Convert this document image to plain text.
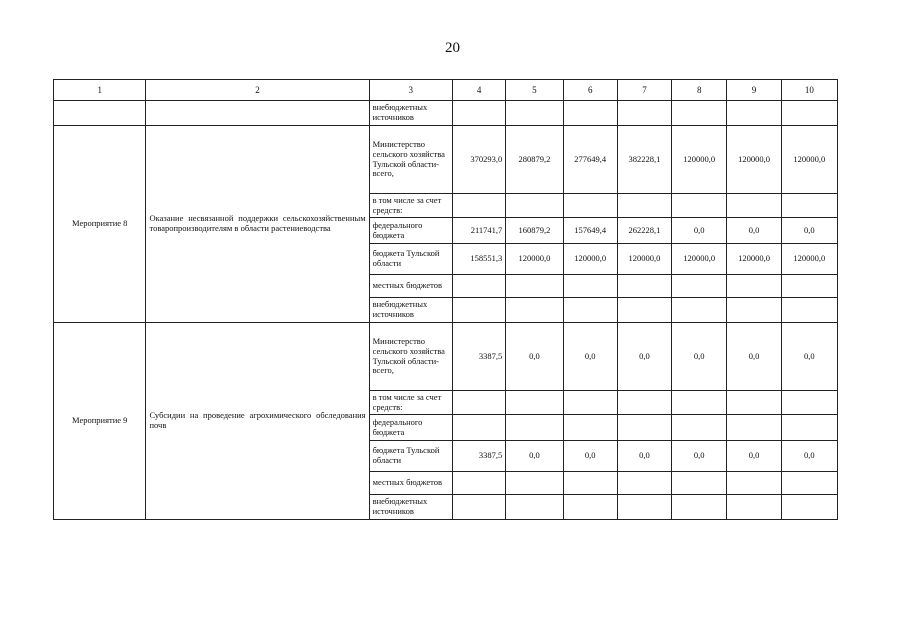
20
1	2	3	4	5	6	7	8	9	10
		внебюджетных источников							
Мероприятие 8	Оказание несвязанной поддержки сельскохозяйственным товаропроизводителям в области растениеводства	Министерство сельского хозяйства Тульской области- всего,	370293,0	280879,2	277649,4	382228,1	120000,0	120000,0	120000,0
		в том числе за счет средств:							
		федерального бюджета	211741,7	160879,2	157649,4	262228,1	0,0	0,0	0,0
		бюджета Тульской области	158551,3	120000,0	120000,0	120000,0	120000,0	120000,0	120000,0
		местных бюджетов							
		внебюджетных источников							
Мероприятие 9	Субсидии на проведение агрохимического обследования почв	Министерство сельского хозяйства Тульской области- всего,	3387,5	0,0	0,0	0,0	0,0	0,0	0,0
		в том числе за счет средств:							
		федерального бюджета							
		бюджета Тульской области	3387,5	0,0	0,0	0,0	0,0	0,0	0,0
		местных бюджетов							
		внебюджетных источников							
